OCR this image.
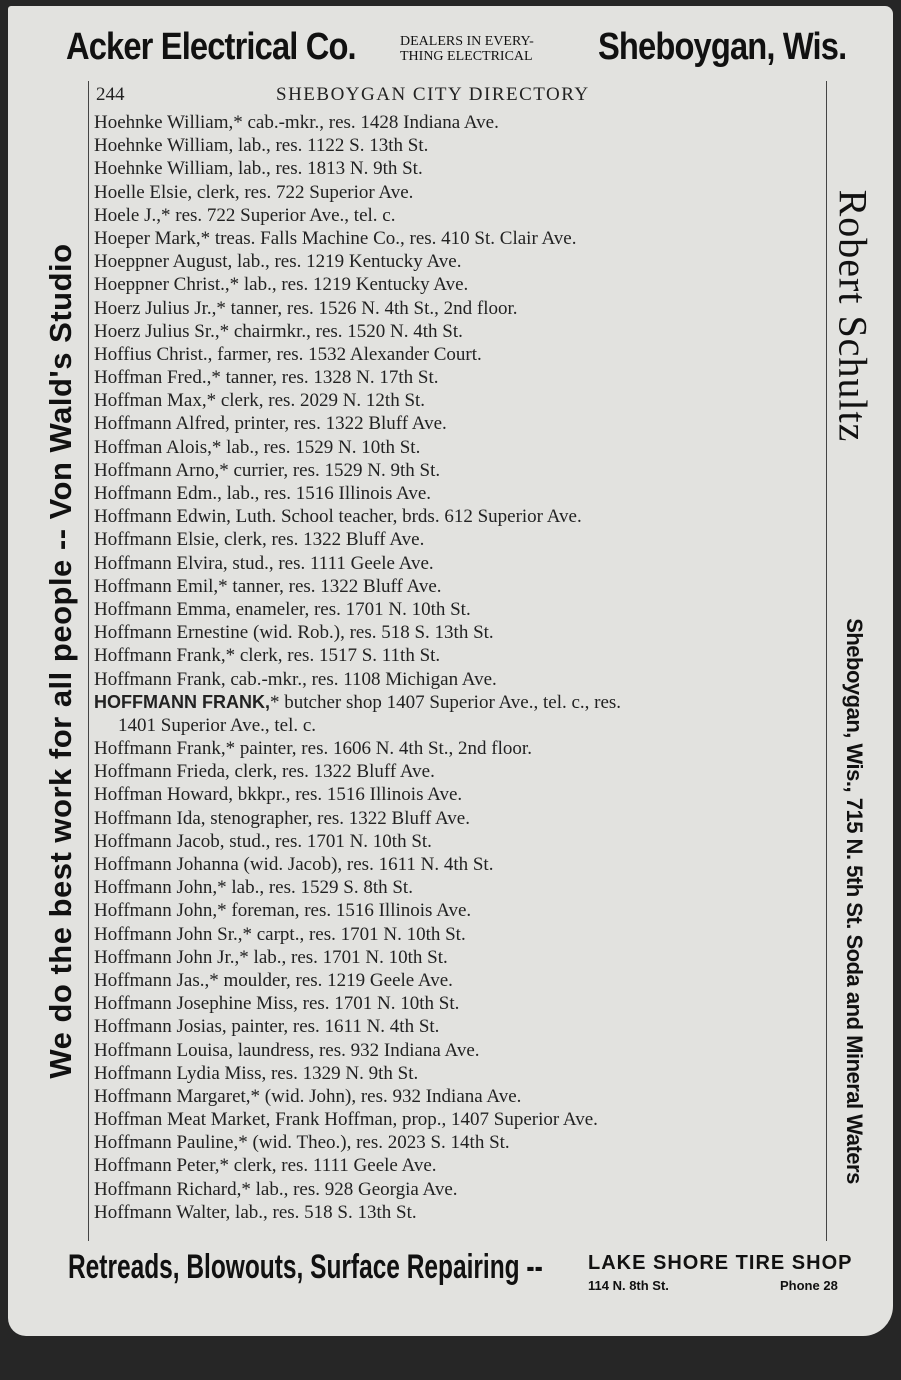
Acker Electrical Co.	DEALERS IN EVERY-
THING ELECTRICAL Sheboygan, Wis.
244	SHEBOYGAN CITY DIRECTORY
Hoehnke William,* cab.-mkr., res. 1428 Indiana Ave.
Hoehnke William, lab., res. 1122 S. 13th St.
Hoehnke William, lab., res. 1813 N. 9th St.
Hoelle Elsie, clerk, res. 722 Superior Ave.
Hoele J.,* res. 722 Superior Ave., tel. c.
Hoeper Mark,* treas. Falls Machine Co., res. 410 St. Clair Ave.
Hoeppner August, lab., res. 1219 Kentucky Ave.
Hoeppner Christ.,* lab., res. 1219 Kentucky Ave.
Hoerz Julius Jr.,* tanner, res. 1526 N. 4th St., 2nd floor.
Hoerz Julius Sr.,* chairmkr., res. 1520 N. 4th St.
Hoffius Christ., farmer, res. 1532 Alexander Court.
Hoffman Fred.,* tanner, res. 1328 N. 17th St.
Hoffman Max,* clerk, res. 2029 N. 12th St.
Hoffmann Alfred, printer, res. 1322 Bluff Ave.
Hoffman Alois,* lab., res. 1529 N. 10th St.
Hoffmann Arno,* currier, res. 1529 N. 9th St.
Hoffmann Edm., lab., res. 1516 Illinois Ave.
Hoffmann Edwin, Luth. School teacher, brds. 612 Superior Ave.
Hoffmann Elsie, clerk, res. 1322 Bluff Ave.
Hoffmann Elvira, stud., res. 1111 Geele Ave.
Hoffmann Emil,* tanner, res. 1322 Bluff Ave.
Hoffmann Emma, enameler, res. 1701 N. 10th St.
Hoffmann Ernestine (wid. Rob.), res. 518 S. 13th St.
Hoffmann Frank,* clerk, res. 1517 S. 11th St.
Hoffmann Frank, cab.-mkr., res. 1108 Michigan Ave.
HOFFMANN FRANK,* butcher shop 1407 Superior Ave., tel. c., res.
1401 Superior Ave., tel. c.
Hoffmann Frank,* painter, res. 1606 N. 4th St., 2nd floor.
Hoffmann Frieda, clerk, res. 1322 Bluff Ave.
Hoffman Howard, bkkpr., res. 1516 Illinois Ave.
Hoffmann Ida, stenographer, res. 1322 Bluff Ave.
Hoffmann Jacob, stud., res. 1701 N. 10th St.
Hoffmann Johanna (wid. Jacob), res. 1611 N. 4th St.
Hoffmann John,* lab., res. 1529 S. 8th St.
Hoffmann John,* foreman, res. 1516 Illinois Ave.
Hoffmann John Sr.,* carpt., res. 1701 N. 10th St.
Hoffmann John Jr.,* lab., res. 1701 N. 10th St.
Hoffmann Jas.,* moulder, res. 1219 Geele Ave.
Hoffmann Josephine Miss, res. 1701 N. 10th St.
Hoffmann Josias, painter, res. 1611 N. 4th St.
Hoffmann Louisa, laundress, res. 932 Indiana Ave.
Hoffmann Lydia Miss, res. 1329 N. 9th St.
Hoffmann Margaret,* (wid. John), res. 932 Indiana Ave.
Hoffman Meat Market, Frank Hoffman, prop., 1407 Superior Ave.
Hoffmann Pauline,* (wid. Theo.), res. 2023 S. 14th St.
Hoffmann Peter,* clerk, res. 1111 Geele Ave.
Hoffmann Richard,* lab., res. 928 Georgia Ave.
Hoffmann Walter, lab., res. 518 S. 13th St.
We do the best work for all people -- Von Wald's Studio	Robert Schultz
Sheboygan, Wis., 715 N. 5th St. Soda and Mineral Waters
Retreads, Blowouts, Surface Repairing -- LAKE SHORE TIRE SHOP
114 N. 8th St.	Phone 28
